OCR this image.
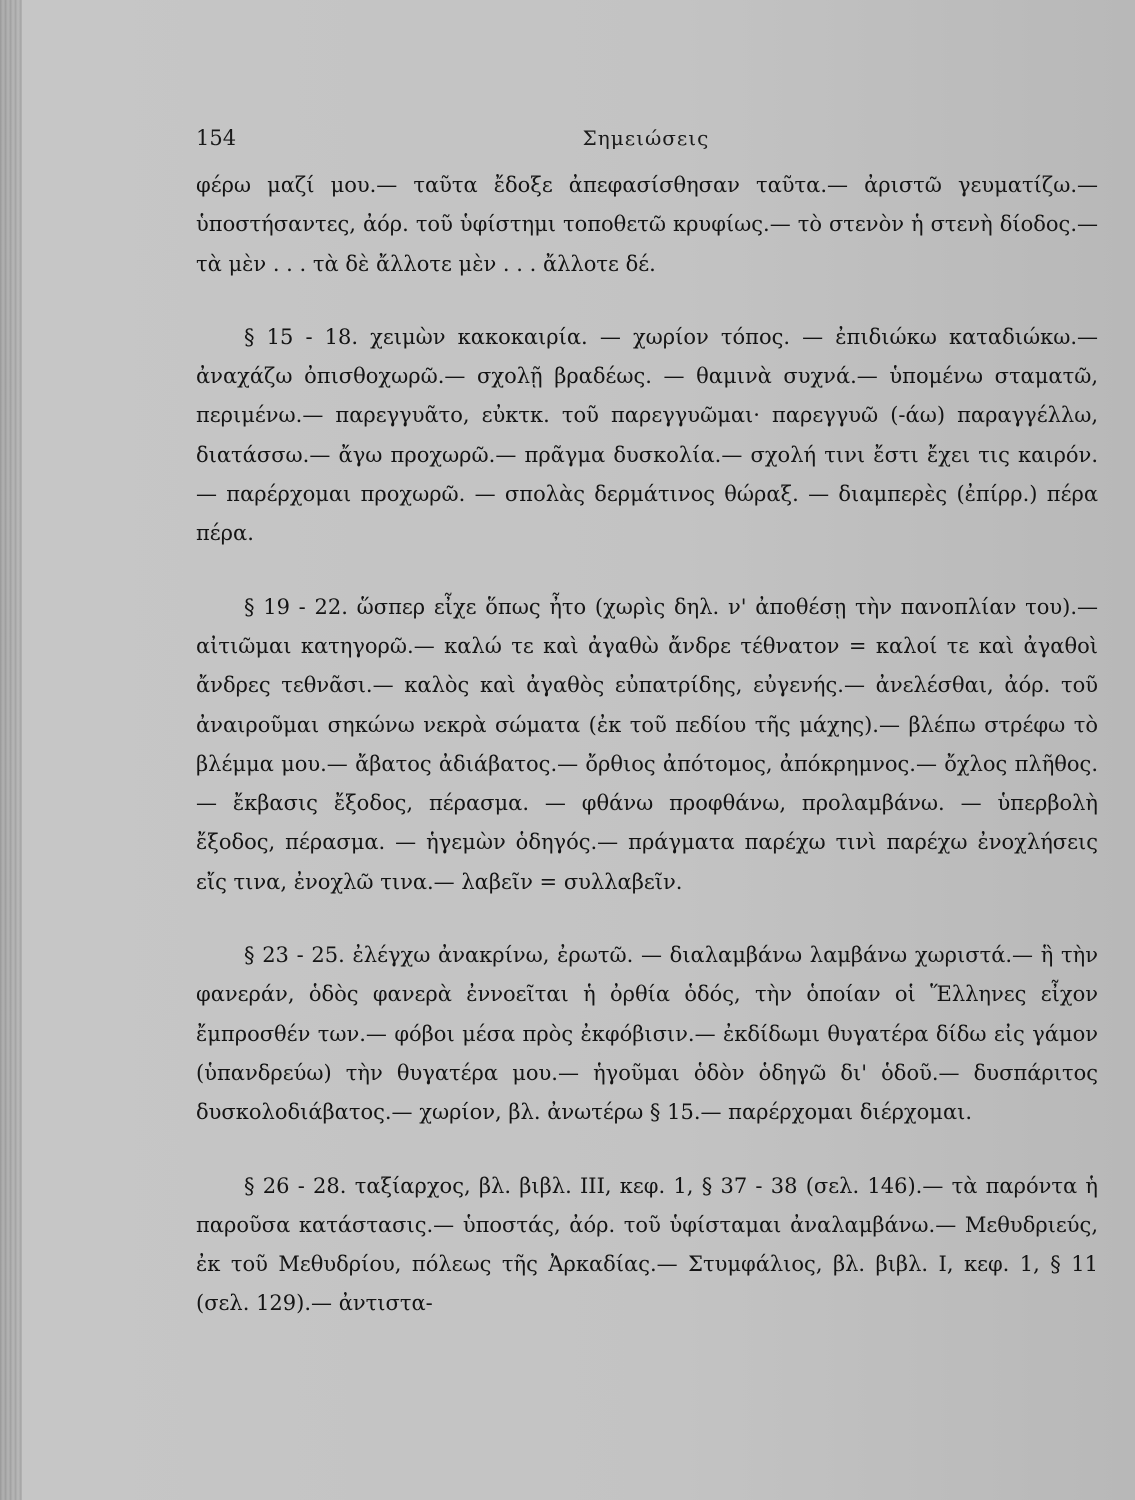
154	Σημειώσεις

φέρω μαζί μου.— ταῦτα ἔδοξε ἀπεφασίσθησαν ταῦτα.— ἀριστῶ γευματίζω.— ὑποστήσαντες, ἀόρ. τοῦ ὑφίστημι τοποθετῶ κρυφίως.— τὸ στενὸν ἡ στενὴ δίοδος.— τὰ μὲν . . . τὰ δὲ ἄλλοτε μὲν . . . ἄλλοτε δέ.

§ 15 - 18. χειμὼν κακοκαιρία. — χωρίον τόπος. — ἐπιδιώκω καταδιώκω.— ἀναχάζω ὀπισθοχωρῶ.— σχολῇ βραδέως. — θαμινὰ συχνά.— ὑπομένω σταματῶ, περιμένω.— παρεγγυᾶτο, εὐκτκ. τοῦ παρεγγυῶμαι· παρεγγυῶ (-άω) παραγγέλλω, διατάσσω.— ἄγω προχωρῶ.— πρᾶγμα δυσκολία.— σχολή τινι ἔστι ἔχει τις καιρόν.— παρέρχομαι προχωρῶ. — σπολὰς δερμάτινος θώραξ. — διαμπερὲς (ἐπίρρ.) πέρα πέρα.

§ 19 - 22. ὥσπερ εἶχε ὅπως ἦτο (χωρὶς δηλ. ν' ἀποθέσῃ τὴν πανοπλίαν του).— αἰτιῶμαι κατηγορῶ.— καλώ τε καὶ ἀγαθὼ ἄνδρε τέθνατον = καλοί τε καὶ ἀγαθοὶ ἄνδρες τεθνᾶσι.— καλὸς καὶ ἀγαθὸς εὐπατρίδης, εὐγενής.— ἀνελέσθαι, ἀόρ. τοῦ ἀναιροῦμαι σηκώνω νεκρὰ σώματα (ἐκ τοῦ πεδίου τῆς μάχης).— βλέπω στρέφω τὸ βλέμμα μου.— ἄβατος ἀδιάβατος.— ὄρθιος ἀπότομος, ἀπόκρημνος.— ὄχλος πλῆθος. — ἔκβασις ἔξοδος, πέρασμα. — φθάνω προφθάνω, προλαμβάνω. — ὑπερβολὴ ἔξοδος, πέρασμα. — ἡγεμὼν ὁδηγός.— πράγματα παρέχω τινὶ παρέχω ἐνοχλήσεις εἴς τινα, ἐνοχλῶ τινα.— λαβεῖν = συλλαβεῖν.

§ 23 - 25. ἐλέγχω ἀνακρίνω, ἐρωτῶ. — διαλαμβάνω λαμβάνω χωριστά.— ἣ τὴν φανεράν, ὁδὸς φανερὰ ἐννοεῖται ἡ ὀρθία ὁδός, τὴν ὁποίαν οἱ Ἕλληνες εἶχον ἔμπροσθέν των.— φόβοι μέσα πρὸς ἐκφόβισιν.— ἐκδίδωμι θυγατέρα δίδω εἰς γάμον (ὑπανδρεύω) τὴν θυγατέρα μου.— ἡγοῦμαι ὁδὸν ὁδηγῶ δι' ὁδοῦ.— δυσπάριτος δυσκολοδιάβατος.— χωρίον, βλ. ἀνωτέρω § 15.— παρέρχομαι διέρχομαι.

§ 26 - 28. ταξίαρχος, βλ. βιβλ. III, κεφ. 1, § 37 - 38 (σελ. 146).— τὰ παρόντα ἡ παροῦσα κατάστασις.— ὑποστάς, ἀόρ. τοῦ ὑφίσταμαι ἀναλαμβάνω.— Μεθυδριεύς, ἐκ τοῦ Μεθυδρίου, πόλεως τῆς Ἀρκαδίας.— Στυμφάλιος, βλ. βιβλ. I, κεφ. 1, § 11 (σελ. 129).— ἀντιστα-
